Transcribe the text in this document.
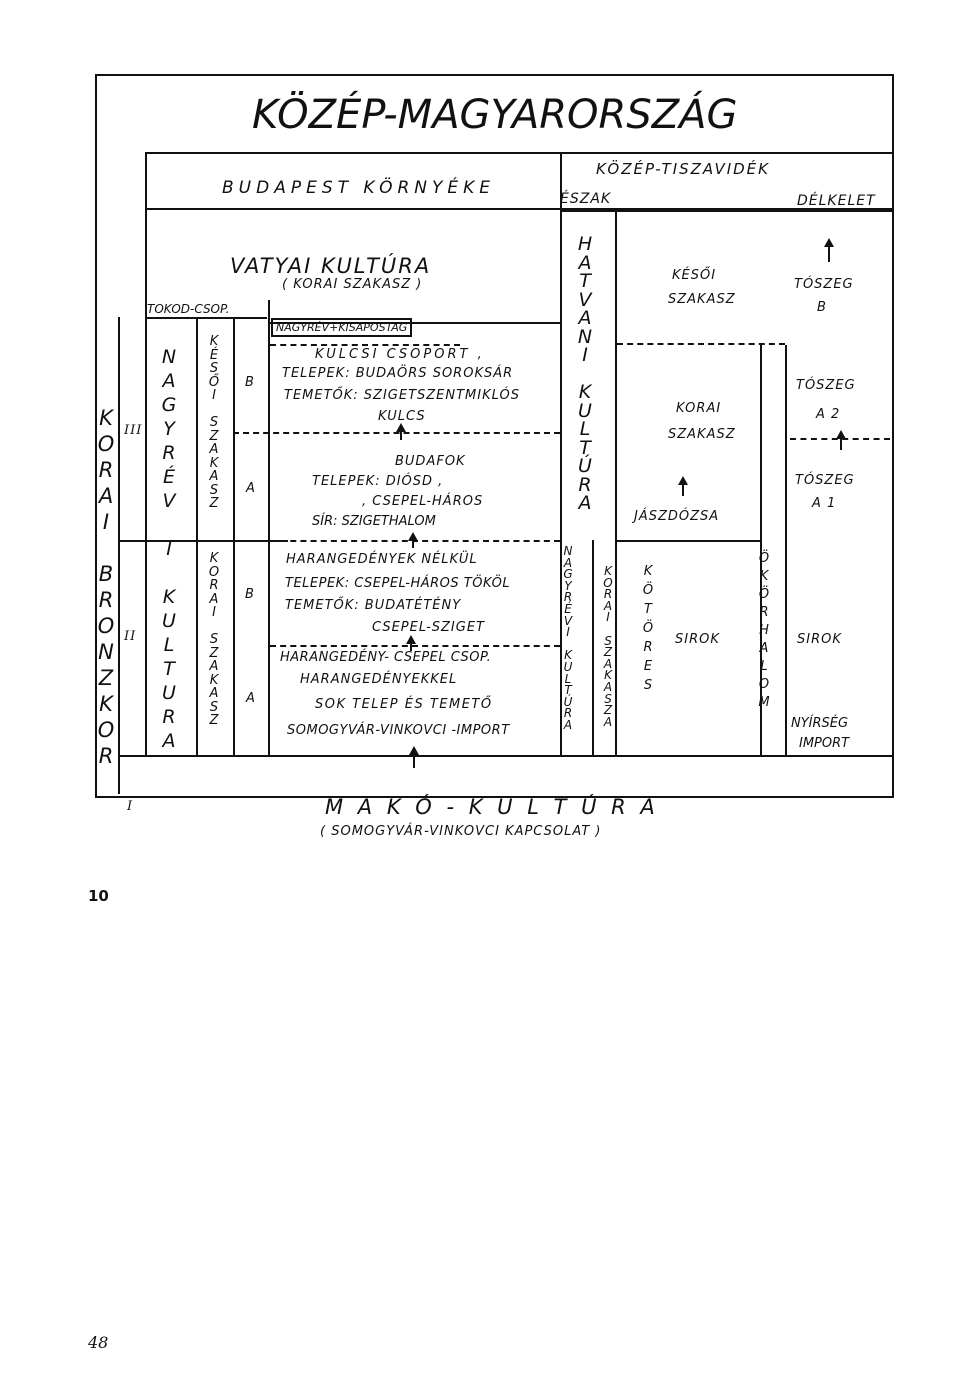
KÖZÉP-MAGYARORSZÁG
BUDAPEST KÖRNYÉKE
KÖZÉP-TISZAVIDÉK
ÉSZAK	DÉLKELET
K
O
R
A
I

B
R
O
N
Z
K
O
R
III
II
I
TOKOD-CSOP.
N
A
G
Y
R
É
V

I

K
U
L
T
U
R
A
K
É
S
Ő
I

S
Z
A
K
A
S
Z
K
O
R
A
I

S
Z
A
K
A
S
Z
B
A
B
A
VATYAI KULTÚRA
( KORAI SZAKASZ )
NAGYRÉV+KISAPOSTAG
KULCSI CSOPORT ,
TELEPEK: BUDAÖRS SOROKSÁR
TEMETŐK: SZIGETSZENTMIKLÓS
KULCS
BUDAFOK
TELEPEK: DIÓSD ,
, CSEPEL-HÁROS
SÍR: SZIGETHALOM
HARANGEDÉNYEK NÉLKÜL
TELEPEK: CSEPEL-HÁROS TÖKÖL
TEMETŐK: BUDATÉTÉNY
CSEPEL-SZIGET
HARANGEDÉNY- CSEPEL CSOP.
HARANGEDÉNYEKKEL
SOK TELEP ÉS TEMETŐ
SOMOGYVÁR-VINKOVCI -IMPORT
H
A
T
V
A
N
I

K
U
L
T
Ú
R
A
N
A
G
Y
R
É
V
I

K
U
L
T
Ú
R
A
K
O
R
A
I

S
Z
A
K
A
S
Z
A
KÉSŐI
SZAKASZ
KORAI
SZAKASZ
JÁSZDÓZSA
K
Ö
T
Ö
R
E
S
SIROK
Ö
K
Ö
R
H
A
L
O
M
TÓSZEG
B
TÓSZEG
A 2
TÓSZEG
A 1
SIROK
NYÍRSÉG
IMPORT
M A K Ó - K U L T Ú R A
( SOMOGYVÁR-VINKOVCI KAPCSOLAT )
10
48
